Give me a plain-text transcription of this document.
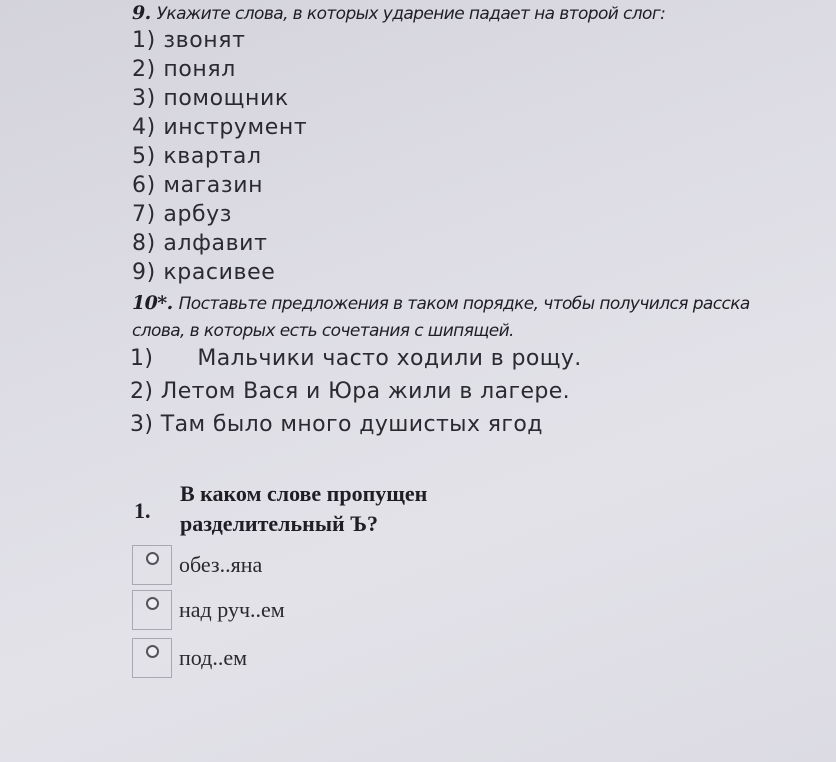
9. Укажите слова, в которых ударение падает на второй слог:
1) звонят
2) понял
3) помощник
4) инструмент
5) квартал
6) магазин
7) арбуз
8) алфавит
9) красивее
10*. Поставьте предложения в таком порядке, чтобы получился расска
слова, в которых есть сочетания с шипящей.
1) Мальчики часто ходили в рощу.
2) Летом Вася и Юра жили в лагере.
3) Там было много душистых ягод
1.
В каком слове пропущен
разделительный Ъ?
обез..яна
над руч..ем
под..ем
